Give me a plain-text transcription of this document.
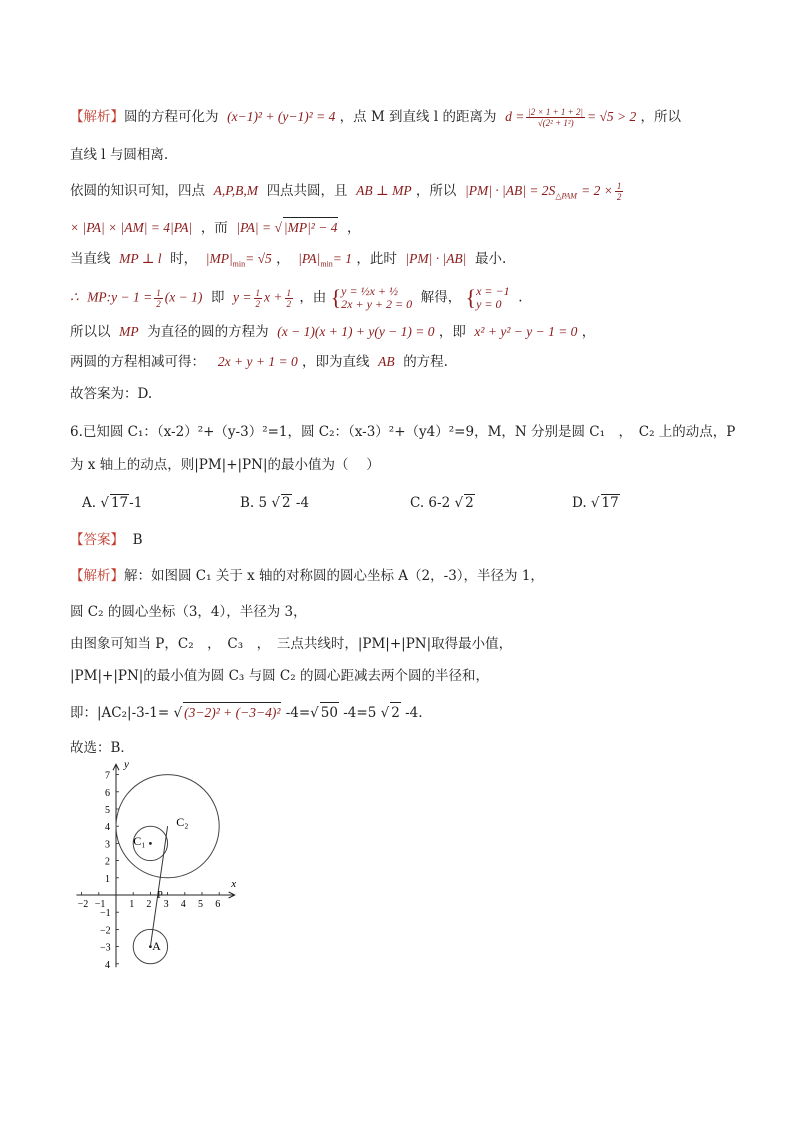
【解析】圆的方程可化为 (x−1)² + (y−1)² = 4 ，点 M 到直线 l 的距离为 $d = \frac{|2 \times 1 + 1 + 2|}{\text{√(2² + 1²)}} = √5 > 2$ ，所以
直线 l 与圆相离.
依圆的知识可知，四点 A,P,B,M 四点共圆，且 AB ⊥ MP ，所以 $|PM| \cdot |AB| = 2S_{\triangle PAM} = 2 \times \frac{1}{2}$
× |PA| × |AM| = 4|PA| ，而 |PA| = √ |MP|² − 4 ，
当直线 MP ⊥ l 时， $|MP|_{min}= √5$ ， $|PA|_{min}= 1$ ，此时 |PM| · |AB| 最小.
∴ MP:y − $1 = \frac{1}{2} (x - 1)$ 即 $y = \frac{1}{2}$ $x + \frac{1}{2}$ ，由 { y = ½x + ½
2x + y + 2 = 0 解得， { x = −1
y = 0	.
所以以 MP 为直径的圆的方程为 (x − 1)(x + 1) + y(y − 1) = 0 ，即 x² + y² − y − 1 = 0 ，
两圆的方程相减可得： 2x + y + 1 = 0 ，即为直线 AB 的方程.
故答案为：D.
6.已知圆 C₁：（x-2）²+（y-3）²=1，圆 C₂：（x-3）²+（y4）²=9，M，N 分别是圆 C₁　，　C₂ 上的动点，P
为 x 轴上的动点，则|PM|+|PN|的最小值为（　 ）
A. √ 17-1	B. 5 √ 2 -4	C. 6-2 √ 2	D. √ 17
【答案】 B
【解析】解：如图圆 C₁ 关于 x 轴的对称圆的圆心坐标 A（2，-3），半径为 1，
圆 C₂ 的圆心坐标（3，4），半径为 3，
由图象可知当 P，C₂　，　C₃　，　三点共线时，|PM|+|PN|取得最小值，
|PM|+|PN|的最小值为圆 C₃ 与圆 C₂ 的圆心距减去两个圆的半径和，
即：|AC₂|-3-1= √ (3−2)² + (−3−4)² -4=√ 50 -4=5 √ 2 -4.
故选：B．
x
y
−2 −1 1 2 3 4 5 6
7
6
5
4
3
2
1
−1
−2
−3
4
C₁
C₂
P
A
